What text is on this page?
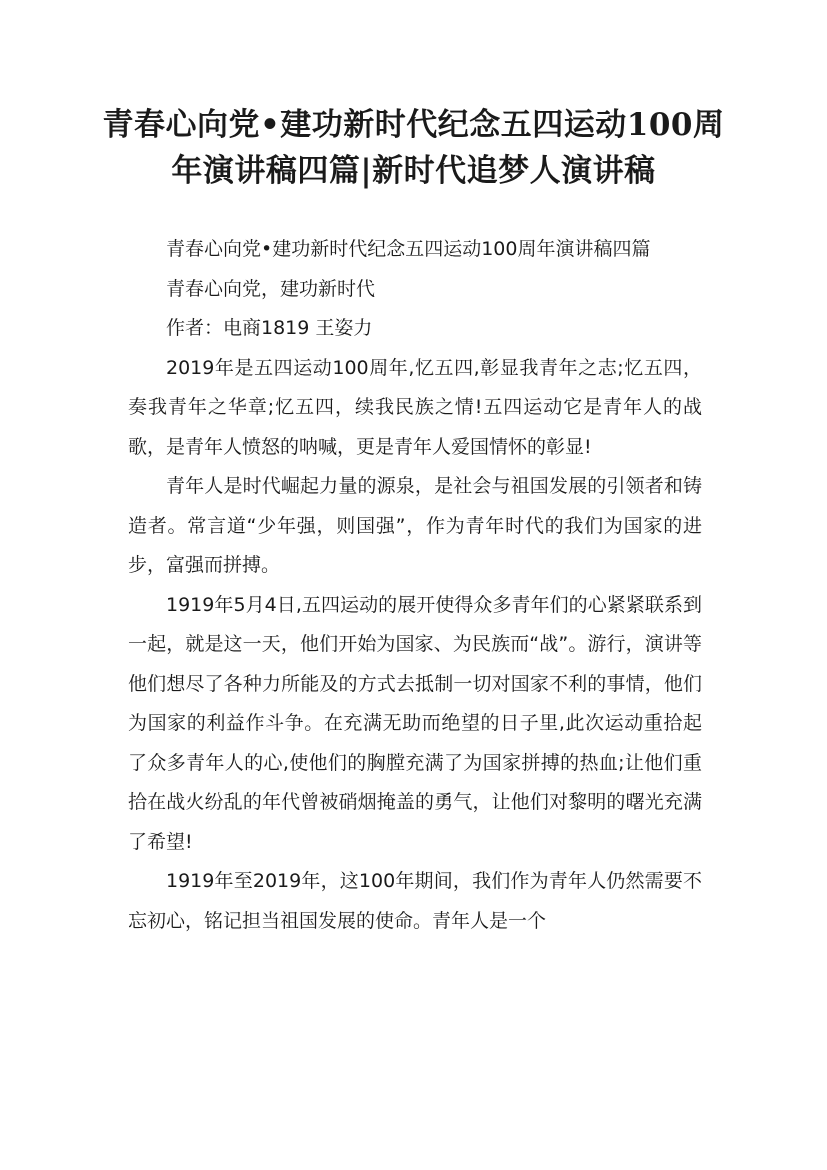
青春心向党•建功新时代纪念五四运动100周年演讲稿四篇|新时代追梦人演讲稿

青春心向党•建功新时代纪念五四运动100周年演讲稿四篇

青春心向党，建功新时代

作者：电商1819 王姿力

2019年是五四运动100周年,忆五四,彰显我青年之志;忆五四，奏我青年之华章;忆五四，续我民族之情!五四运动它是青年人的战歌，是青年人愤怒的呐喊，更是青年人爱国情怀的彰显!

青年人是时代崛起力量的源泉，是社会与祖国发展的引领者和铸造者。常言道“少年强，则国强”，作为青年时代的我们为国家的进步，富强而拼搏。

1919年5月4日,五四运动的展开使得众多青年们的心紧紧联系到一起，就是这一天，他们开始为国家、为民族而“战”。游行，演讲等他们想尽了各种力所能及的方式去抵制一切对国家不利的事情，他们为国家的利益作斗争。在充满无助而绝望的日子里,此次运动重拾起了众多青年人的心,使他们的胸膛充满了为国家拼搏的热血;让他们重拾在战火纷乱的年代曾被硝烟掩盖的勇气，让他们对黎明的曙光充满了希望!

1919年至2019年，这100年期间，我们作为青年人仍然需要不忘初心，铭记担当祖国发展的使命。青年人是一个
